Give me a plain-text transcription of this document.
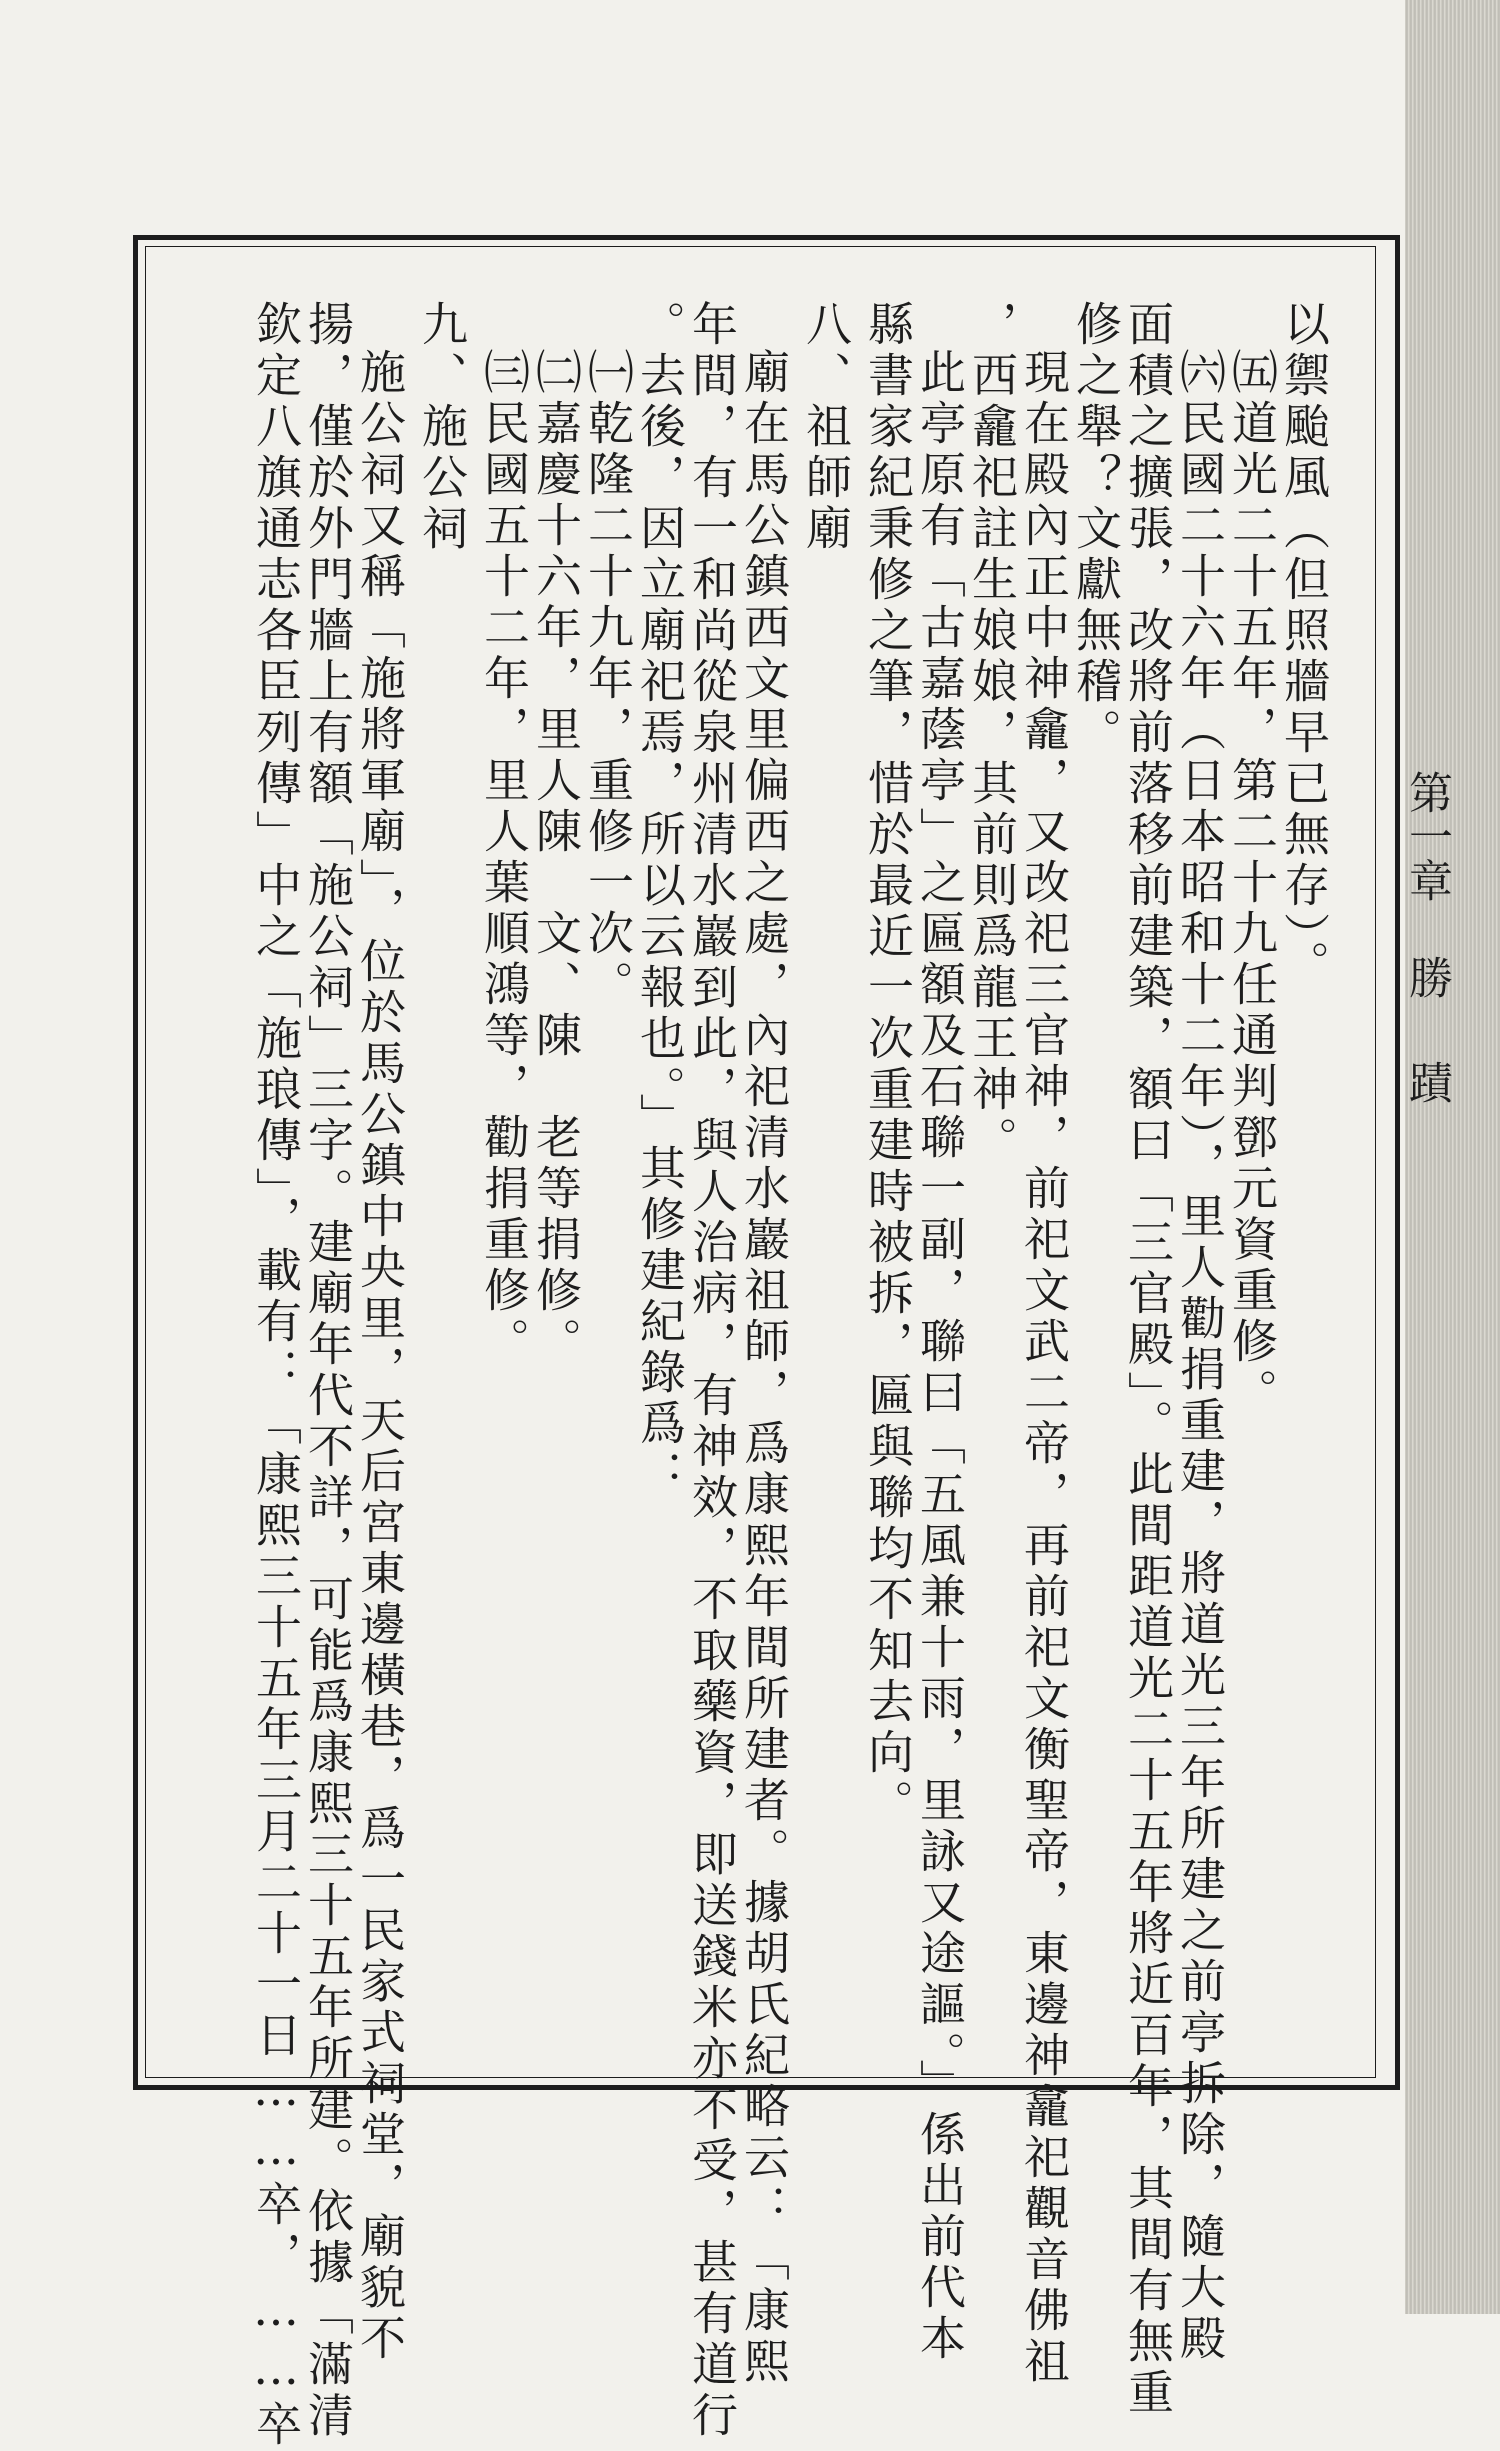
第一章
勝
蹟
以禦颱風（但照牆早已無存）。
㈤道光二十五年，第二十九任通判鄧元資重修。
㈥民國二十六年（日本昭和十二年），里人勸捐重建，將道光三年所建之前亭拆除，隨大殿
面積之擴張，改將前落移前建築，額曰「三官殿」。此間距道光二十五年將近百年，其間有無重
修之舉？文獻無稽。
現在殿內正中神龕，又改祀三官神，前祀文武二帝，再前祀文衡聖帝，東邊神龕祀觀音佛祖
，西龕祀註生娘娘，其前則爲龍王神。
此亭原有「古嘉蔭亭」之匾額及石聯一副，聯曰「五風兼十雨，里詠又途謳。」係出前代本
縣書家紀秉修之筆，惜於最近一次重建時被拆，匾與聯均不知去向。
八、祖師廟
廟在馬公鎮西文里偏西之處，內祀清水巖祖師，爲康熙年間所建者。據胡氏紀略云：「康熙
年間，有一和尚從泉州清水巖到此，與人治病，有神效，不取藥資，即送錢米亦不受，甚有道行
。去後，因立廟祀焉，所以云報也。」其修建紀錄爲：
㈠乾隆二十九年，重修一次。
㈡嘉慶十六年，里人陳　文、陳　老等捐修。
㈢民國五十二年，里人葉順鴻等，勸捐重修。
九、施公祠
施公祠又稱「施將軍廟」，位於馬公鎮中央里，天后宮東邊橫巷，爲一民家式祠堂，廟貌不
揚，僅於外門牆上有額「施公祠」三字。建廟年代不詳，可能爲康熙三十五年所建。依據「滿清
欽定八旗通志各臣列傳」中之「施琅傳」，載有：「康熙三十五年三月二十一日……卒，……卒
